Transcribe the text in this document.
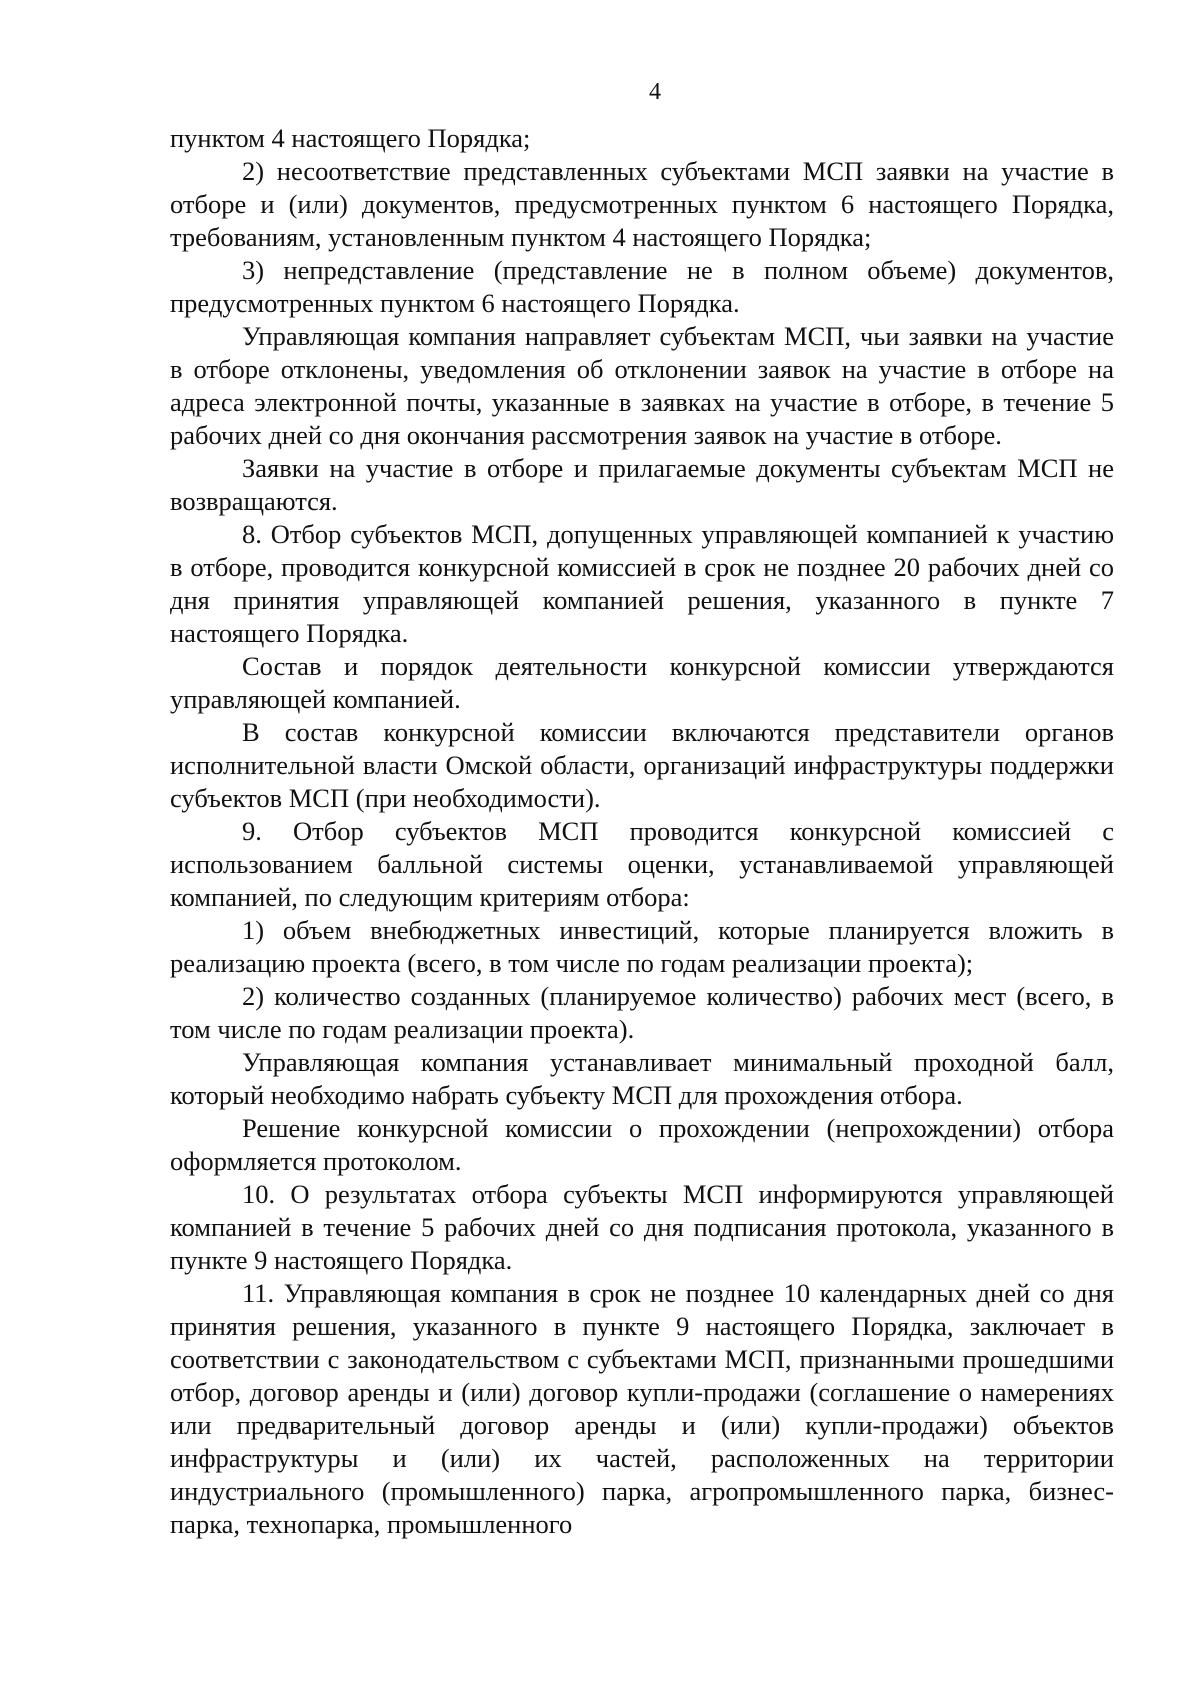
4

пунктом 4 настоящего Порядка;

2) несоответствие представленных субъектами МСП заявки на участие в отборе и (или) документов, предусмотренных пунктом 6 настоящего Порядка, требованиям, установленным пунктом 4 настоящего Порядка;

3) непредставление (представление не в полном объеме) документов, предусмотренных пунктом 6 настоящего Порядка.

Управляющая компания направляет субъектам МСП, чьи заявки на участие в отборе отклонены, уведомления об отклонении заявок на участие в отборе на адреса электронной почты, указанные в заявках на участие в отборе, в течение 5 рабочих дней со дня окончания рассмотрения заявок на участие в отборе.

Заявки на участие в отборе и прилагаемые документы субъектам МСП не возвращаются.

8. Отбор субъектов МСП, допущенных управляющей компанией к участию в отборе, проводится конкурсной комиссией в срок не позднее 20 рабочих дней со дня принятия управляющей компанией решения, указанного в пункте 7 настоящего Порядка.

Состав и порядок деятельности конкурсной комиссии утверждаются управляющей компанией.

В состав конкурсной комиссии включаются представители органов исполнительной власти Омской области, организаций инфраструктуры поддержки субъектов МСП (при необходимости).

9. Отбор субъектов МСП проводится конкурсной комиссией с использованием балльной системы оценки, устанавливаемой управляющей компанией, по следующим критериям отбора:

1) объем внебюджетных инвестиций, которые планируется вложить в реализацию проекта (всего, в том числе по годам реализации проекта);

2) количество созданных (планируемое количество) рабочих мест (всего, в том числе по годам реализации проекта).

Управляющая компания устанавливает минимальный проходной балл, который необходимо набрать субъекту МСП для прохождения отбора.

Решение конкурсной комиссии о прохождении (непрохождении) отбора оформляется протоколом.

10. О результатах отбора субъекты МСП информируются управляющей компанией в течение 5 рабочих дней со дня подписания протокола, указанного в пункте 9 настоящего Порядка.

11. Управляющая компания в срок не позднее 10 календарных дней со дня принятия решения, указанного в пункте 9 настоящего Порядка, заключает в соответствии с законодательством с субъектами МСП, признанными прошедшими отбор, договор аренды и (или) договор купли-продажи (соглашение о намерениях или предварительный договор аренды и (или) купли-продажи) объектов инфраструктуры и (или) их частей, расположенных на территории индустриального (промышленного) парка, агропромышленного парка, бизнес-парка, технопарка, промышленного
